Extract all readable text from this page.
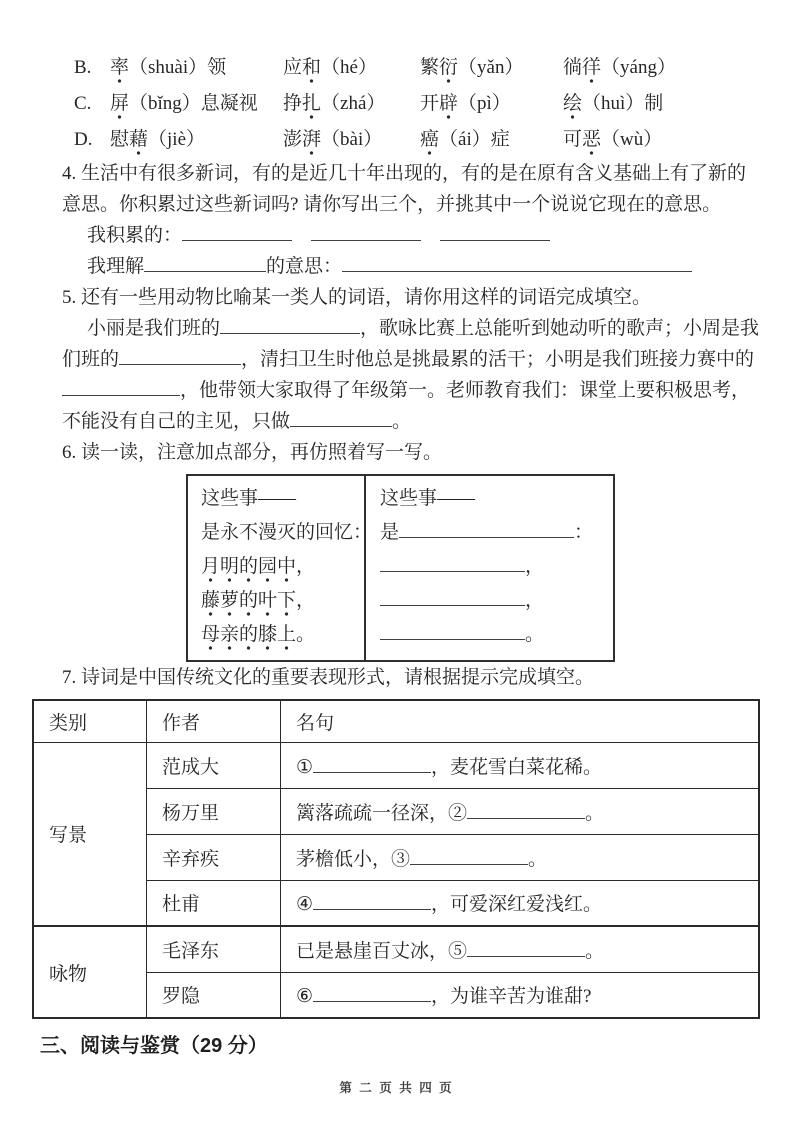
B. 率（shuài）领	应和（hé）	繁衍（yǎn）	徜徉（yáng）
C. 屏（bǐng）息凝视	挣扎（zhá）	开辟（pì）	绘（huì）制
D. 慰藉（jiè）	澎湃（bài）	癌（ái）症	可恶（wù）
4. 生活中有很多新词，有的是近几十年出现的，有的是在原有含义基础上有了新的
意思。你积累过这些新词吗? 请你写出三个，并挑其中一个说说它现在的意思。
我积累的：　　
我理解	的意思：
5. 还有一些用动物比喻某一类人的词语，请你用这样的词语完成填空。
小丽是我们班的	，歌咏比赛上总能听到她动听的歌声；小周是我
们班的	，清扫卫生时他总是挑最累的活干；小明是我们班接力赛中的
，他带领大家取得了年级第一。老师教育我们：课堂上要积极思考，
不能没有自己的主见，只做	。
6. 读一读，注意加点部分，再仿照着写一写。
这些事——
是永不漫灭的回忆：
月明的园中，
藤萝的叶下，
母亲的膝上。
这些事——
是	：
，
，
。
7. 诗词是中国传统文化的重要表现形式，请根据提示完成填空。
类别	作者	名句
写景	范成大	① ，麦花雪白菜花稀。
	杨万里	篱落疏疏一径深，② 。
	辛弃疾	茅檐低小，③ 。
	杜甫	④ ，可爱深红爱浅红。
咏物	毛泽东	已是悬崖百丈冰，⑤ 。
	罗隐	⑥ ，为谁辛苦为谁甜?
三、阅读与鉴赏（29 分）
第 二 页 共 四 页
